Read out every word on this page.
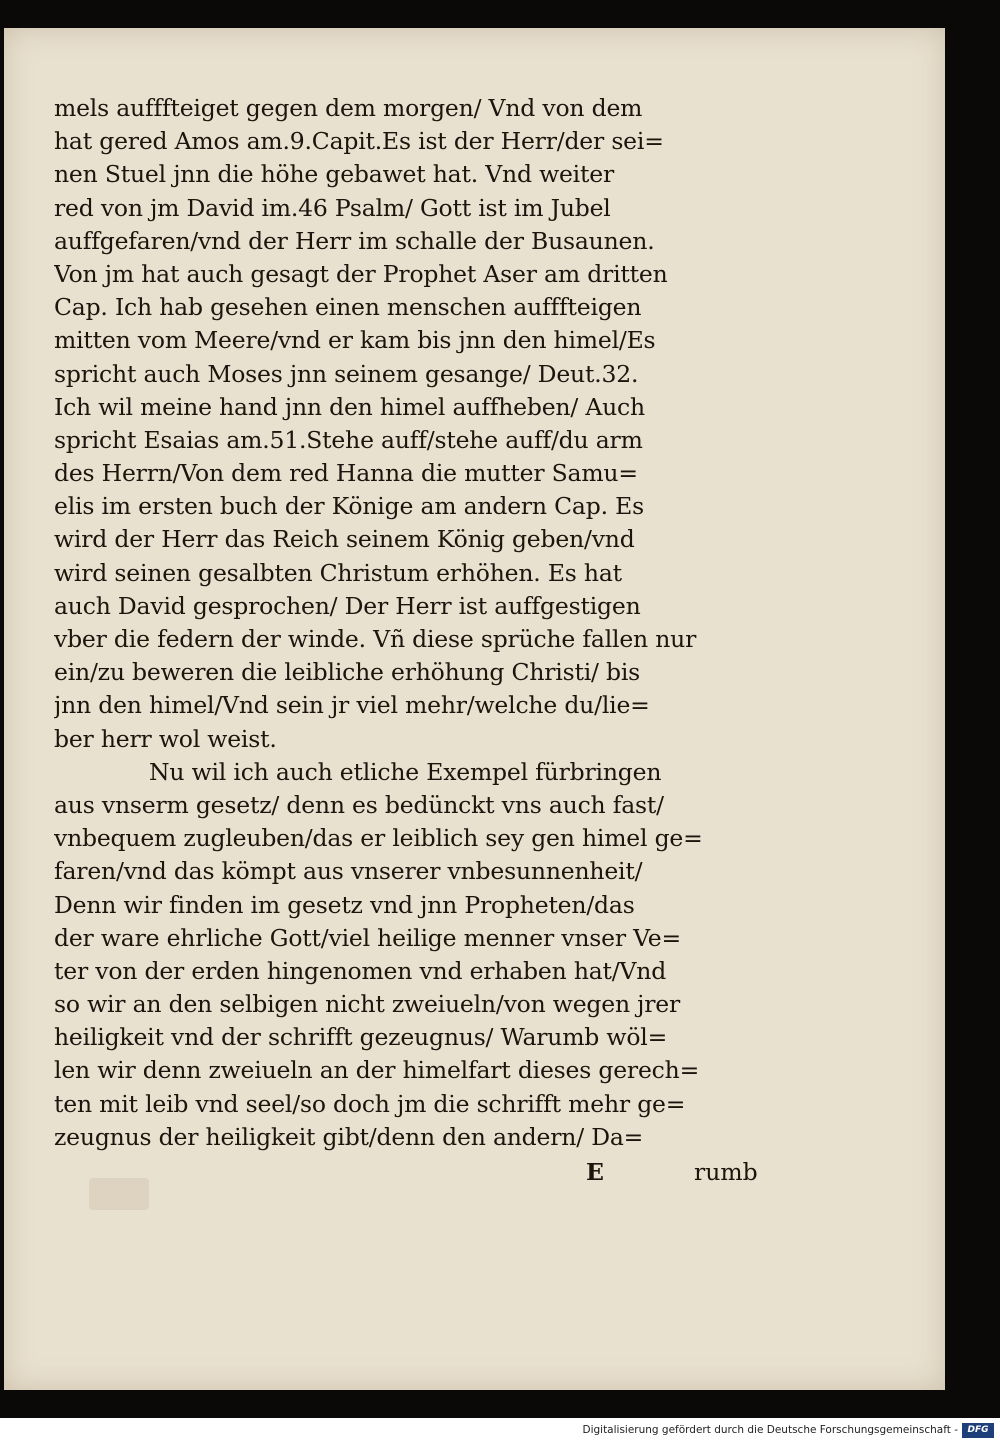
mels aufffteiget gegen dem morgen/ Vnd von dem
hat gered Amos am.9.Capit.Es ist der Herr/der sei=
nen Stuel jnn die höhe gebawet hat. Vnd weiter
red von jm David im.46 Psalm/ Gott ist im Jubel
auffgefaren/vnd der Herr im schalle der Busaunen.
Von jm hat auch gesagt der Prophet Aser am dritten
Cap. Ich hab gesehen einen menschen aufffteigen
mitten vom Meere/vnd er kam bis jnn den himel/Es
spricht auch Moses jnn seinem gesange/ Deut.32.
Ich wil meine hand jnn den himel auffheben/ Auch
spricht Esaias am.51.Stehe auff/stehe auff/du arm
des Herrn/Von dem red Hanna die mutter Samu=
elis im ersten buch der Könige am andern Cap. Es
wird der Herr das Reich seinem König geben/vnd
wird seinen gesalbten Christum erhöhen. Es hat
auch David gesprochen/ Der Herr ist auffgestigen
vber die federn der winde. Vñ diese sprüche fallen nur
ein/zu beweren die leibliche erhöhung Christi/ bis
jnn den himel/Vnd sein jr viel mehr/welche du/lie=
ber herr wol weist.
Nu wil ich auch etliche Exempel fürbringen
aus vnserm gesetz/ denn es bedünckt vns auch fast/
vnbequem zugleuben/das er leiblich sey gen himel ge=
faren/vnd das kömpt aus vnserer vnbesunnenheit/
Denn wir finden im gesetz vnd jnn Propheten/das
der ware ehrliche Gott/viel heilige menner vnser Ve=
ter von der erden hingenomen vnd erhaben hat/Vnd
so wir an den selbigen nicht zweiueln/von wegen jrer
heiligkeit vnd der schrifft gezeugnus/ Warumb wöl=
len wir denn zweiueln an der himelfart dieses gerech=
ten mit leib vnd seel/so doch jm die schrifft mehr ge=
zeugnus der heiligkeit gibt/denn den andern/ Da=
E	rumb
Digitalisierung gefördert durch die Deutsche Forschungsgemeinschaft -	DFG
